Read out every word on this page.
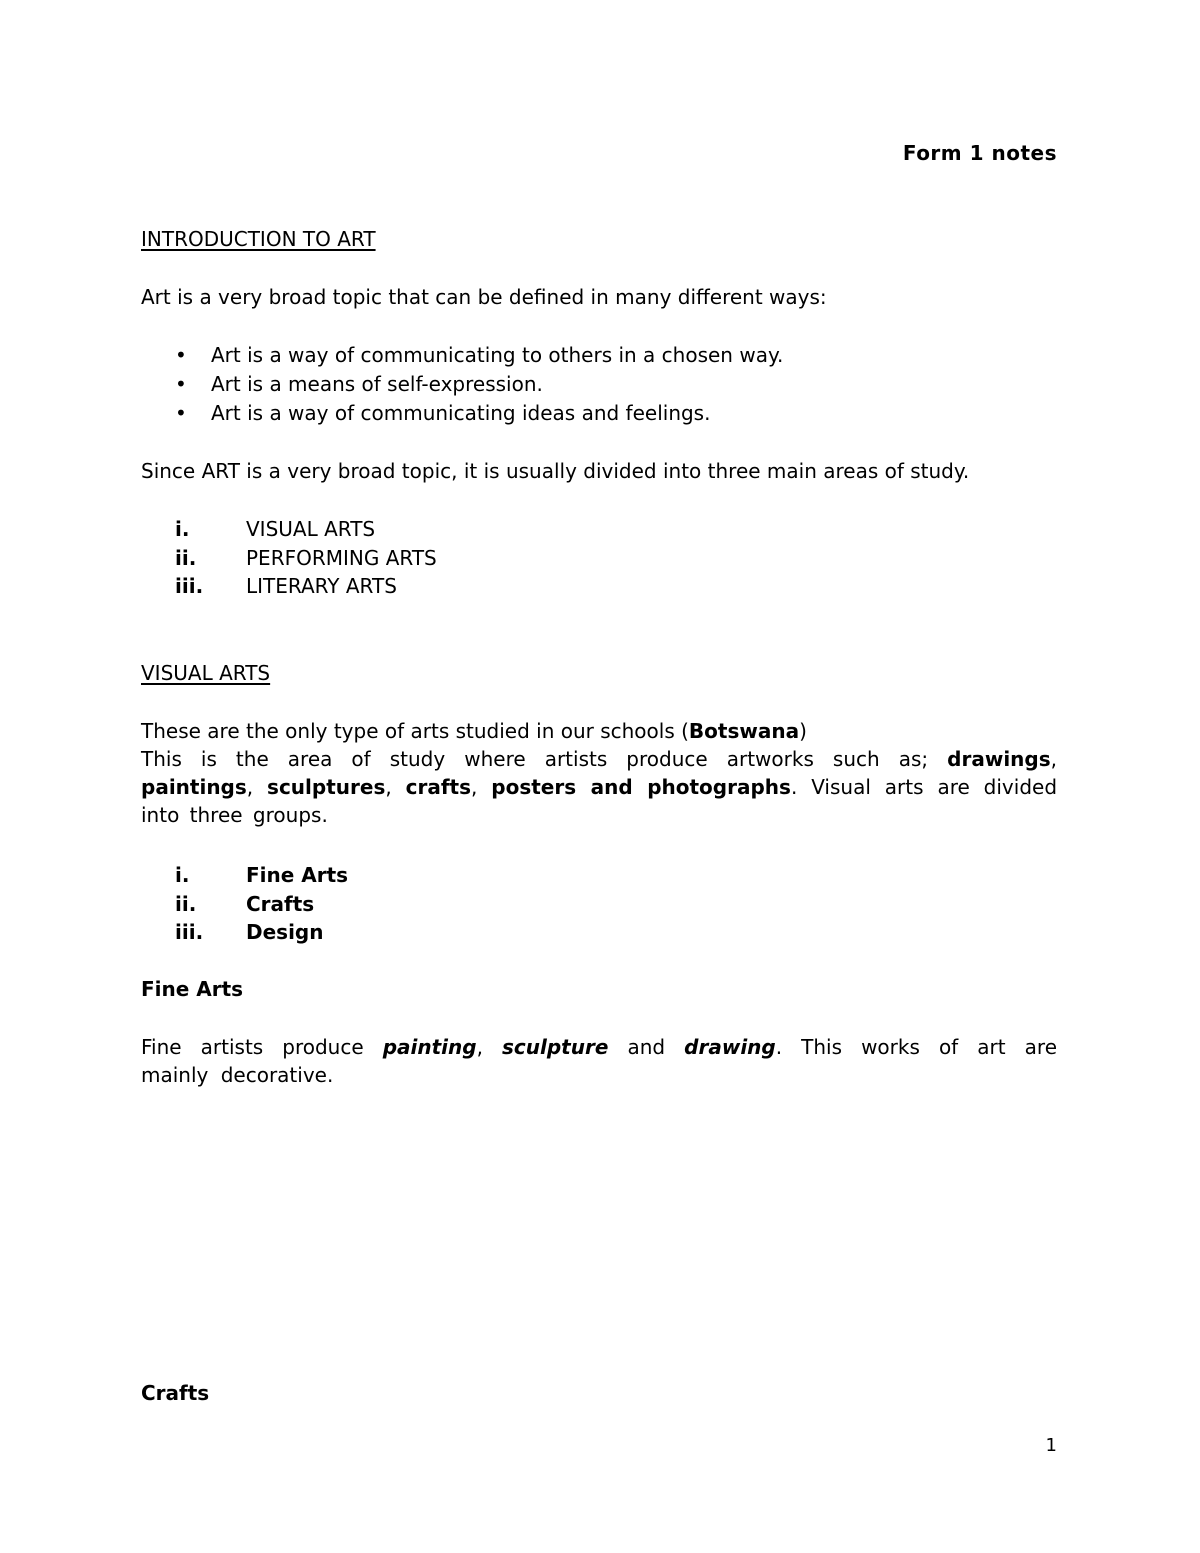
Form 1 notes
INTRODUCTION TO ART
Art is a very broad topic that can be defined in many different ways:
• Art is a way of communicating to others in a chosen way.
• Art is a means of self-expression.
• Art is a way of communicating ideas and feelings.
Since ART is a very broad topic, it is usually divided into three main areas of study.
i.	VISUAL ARTS
ii. PERFORMING ARTS
iii. LITERARY ARTS
VISUAL ARTS
These are the only type of arts studied in our schools (Botswana)
This is the area of study where artists produce artworks such as; drawings, paintings, sculptures, crafts, posters and photographs. Visual arts are divided into three groups.
i.	Fine Arts
ii. Crafts
iii. Design
Fine Arts
Fine artists produce painting, sculpture and drawing. This works of art are mainly decorative.
Crafts
1
